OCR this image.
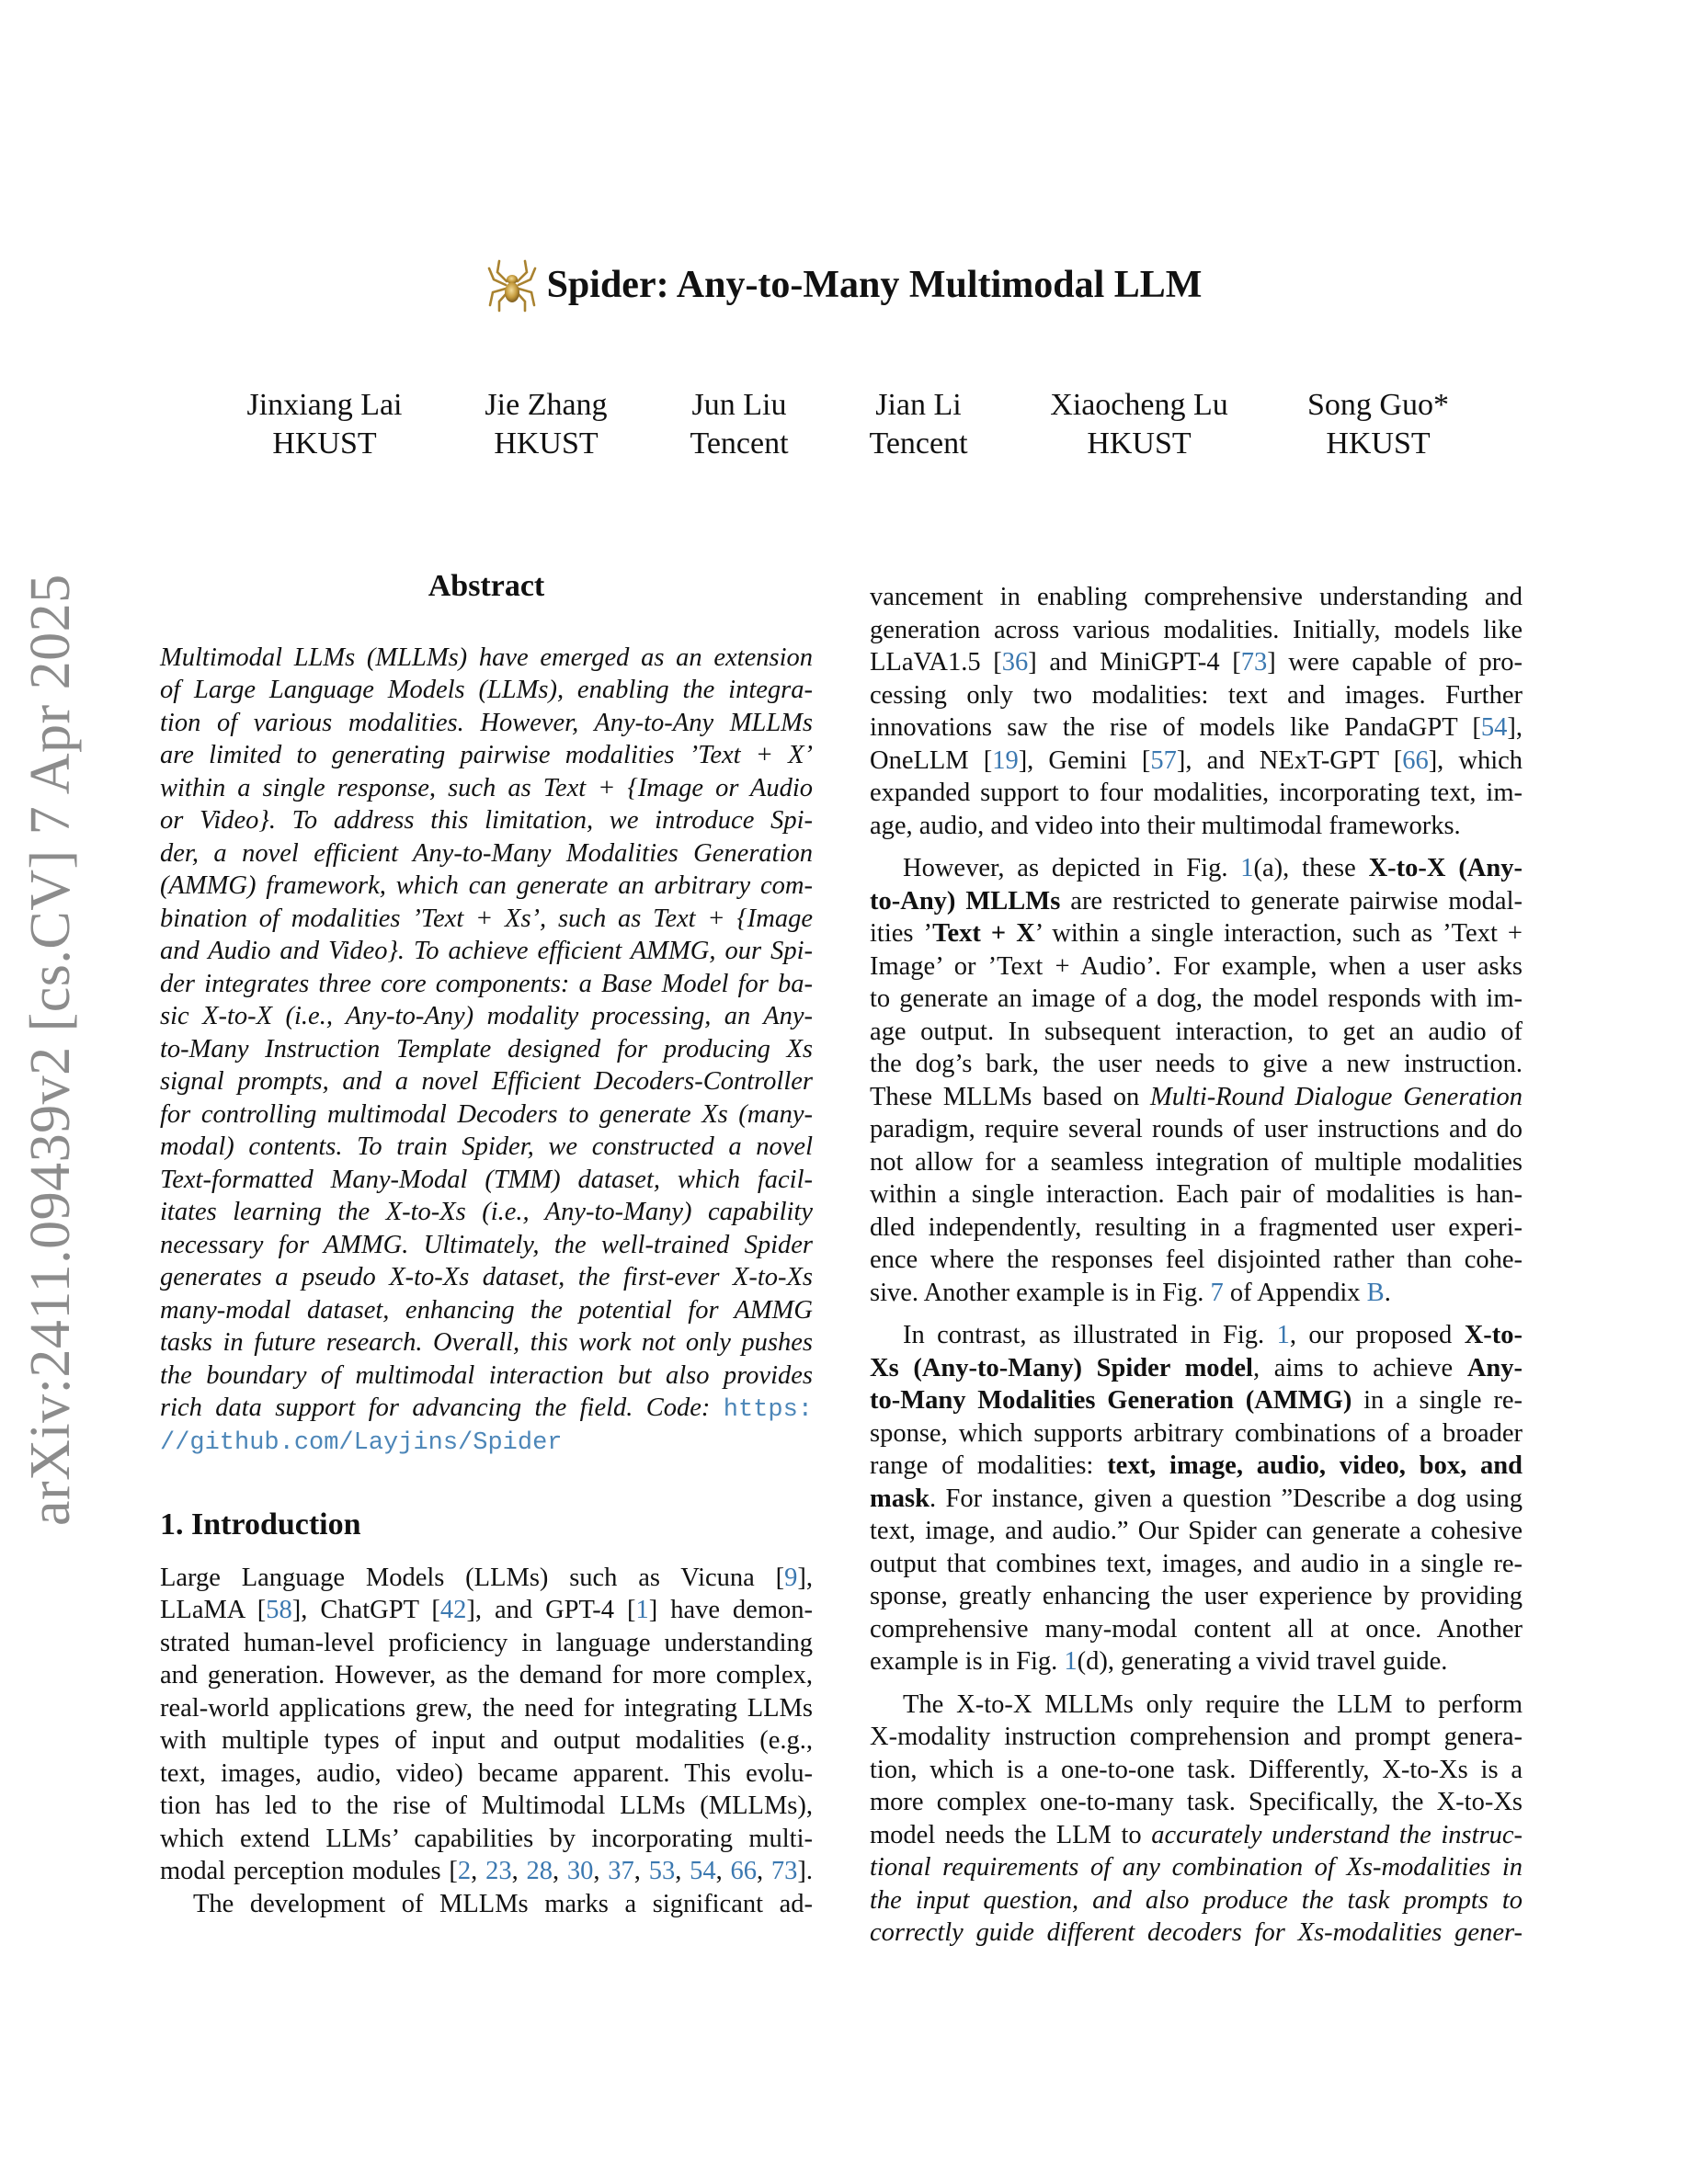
arXiv:2411.09439v2 [cs.CV] 7 Apr 2025
Spider: Any-to-Many Multimodal LLM
Jinxiang Lai
HKUST
Jie Zhang
HKUST
Jun Liu
Tencent
Jian Li
Tencent
Xiaocheng Lu
HKUST
Song Guo*
HKUST
Abstract
Multimodal LLMs (MLLMs) have emerged as an extension
of Large Language Models (LLMs), enabling the integra-
tion of various modalities. However, Any-to-Any MLLMs
are limited to generating pairwise modalities ’Text + X’
within a single response, such as Text + {Image or Audio
or Video}. To address this limitation, we introduce Spi-
der, a novel efficient Any-to-Many Modalities Generation
(AMMG) framework, which can generate an arbitrary com-
bination of modalities ’Text + Xs’, such as Text + {Image
and Audio and Video}. To achieve efficient AMMG, our Spi-
der integrates three core components: a Base Model for ba-
sic X-to-X (i.e., Any-to-Any) modality processing, an Any-
to-Many Instruction Template designed for producing Xs
signal prompts, and a novel Efficient Decoders-Controller
for controlling multimodal Decoders to generate Xs (many-
modal) contents. To train Spider, we constructed a novel
Text-formatted Many-Modal (TMM) dataset, which facil-
itates learning the X-to-Xs (i.e., Any-to-Many) capability
necessary for AMMG. Ultimately, the well-trained Spider
generates a pseudo X-to-Xs dataset, the first-ever X-to-Xs
many-modal dataset, enhancing the potential for AMMG
tasks in future research. Overall, this work not only pushes
the boundary of multimodal interaction but also provides
rich data support for advancing the field. Code: https:
//github.com/Layjins/Spider
1. Introduction
Large Language Models (LLMs) such as Vicuna [9],
LLaMA [58], ChatGPT [42], and GPT-4 [1] have demon-
strated human-level proficiency in language understanding
and generation. However, as the demand for more complex,
real-world applications grew, the need for integrating LLMs
with multiple types of input and output modalities (e.g.,
text, images, audio, video) became apparent. This evolu-
tion has led to the rise of Multimodal LLMs (MLLMs),
which extend LLMs’ capabilities by incorporating multi-
modal perception modules [2, 23, 28, 30, 37, 53, 54, 66, 73].
The development of MLLMs marks a significant ad-
vancement in enabling comprehensive understanding and
generation across various modalities. Initially, models like
LLaVA1.5 [36] and MiniGPT-4 [73] were capable of pro-
cessing only two modalities: text and images. Further
innovations saw the rise of models like PandaGPT [54],
OneLLM [19], Gemini [57], and NExT-GPT [66], which
expanded support to four modalities, incorporating text, im-
age, audio, and video into their multimodal frameworks.
However, as depicted in Fig. 1(a), these X-to-X (Any-
to-Any) MLLMs are restricted to generate pairwise modal-
ities ’Text + X’ within a single interaction, such as ’Text +
Image’ or ’Text + Audio’. For example, when a user asks
to generate an image of a dog, the model responds with im-
age output. In subsequent interaction, to get an audio of
the dog’s bark, the user needs to give a new instruction.
These MLLMs based on Multi-Round Dialogue Generation
paradigm, require several rounds of user instructions and do
not allow for a seamless integration of multiple modalities
within a single interaction. Each pair of modalities is han-
dled independently, resulting in a fragmented user experi-
ence where the responses feel disjointed rather than cohe-
sive. Another example is in Fig. 7 of Appendix B.
In contrast, as illustrated in Fig. 1, our proposed X-to-
Xs (Any-to-Many) Spider model, aims to achieve Any-
to-Many Modalities Generation (AMMG) in a single re-
sponse, which supports arbitrary combinations of a broader
range of modalities: text, image, audio, video, box, and
mask. For instance, given a question ”Describe a dog using
text, image, and audio.” Our Spider can generate a cohesive
output that combines text, images, and audio in a single re-
sponse, greatly enhancing the user experience by providing
comprehensive many-modal content all at once. Another
example is in Fig. 1(d), generating a vivid travel guide.
The X-to-X MLLMs only require the LLM to perform
X-modality instruction comprehension and prompt genera-
tion, which is a one-to-one task. Differently, X-to-Xs is a
more complex one-to-many task. Specifically, the X-to-Xs
model needs the LLM to accurately understand the instruc-
tional requirements of any combination of Xs-modalities in
the input question, and also produce the task prompts to
correctly guide different decoders for Xs-modalities gener-
